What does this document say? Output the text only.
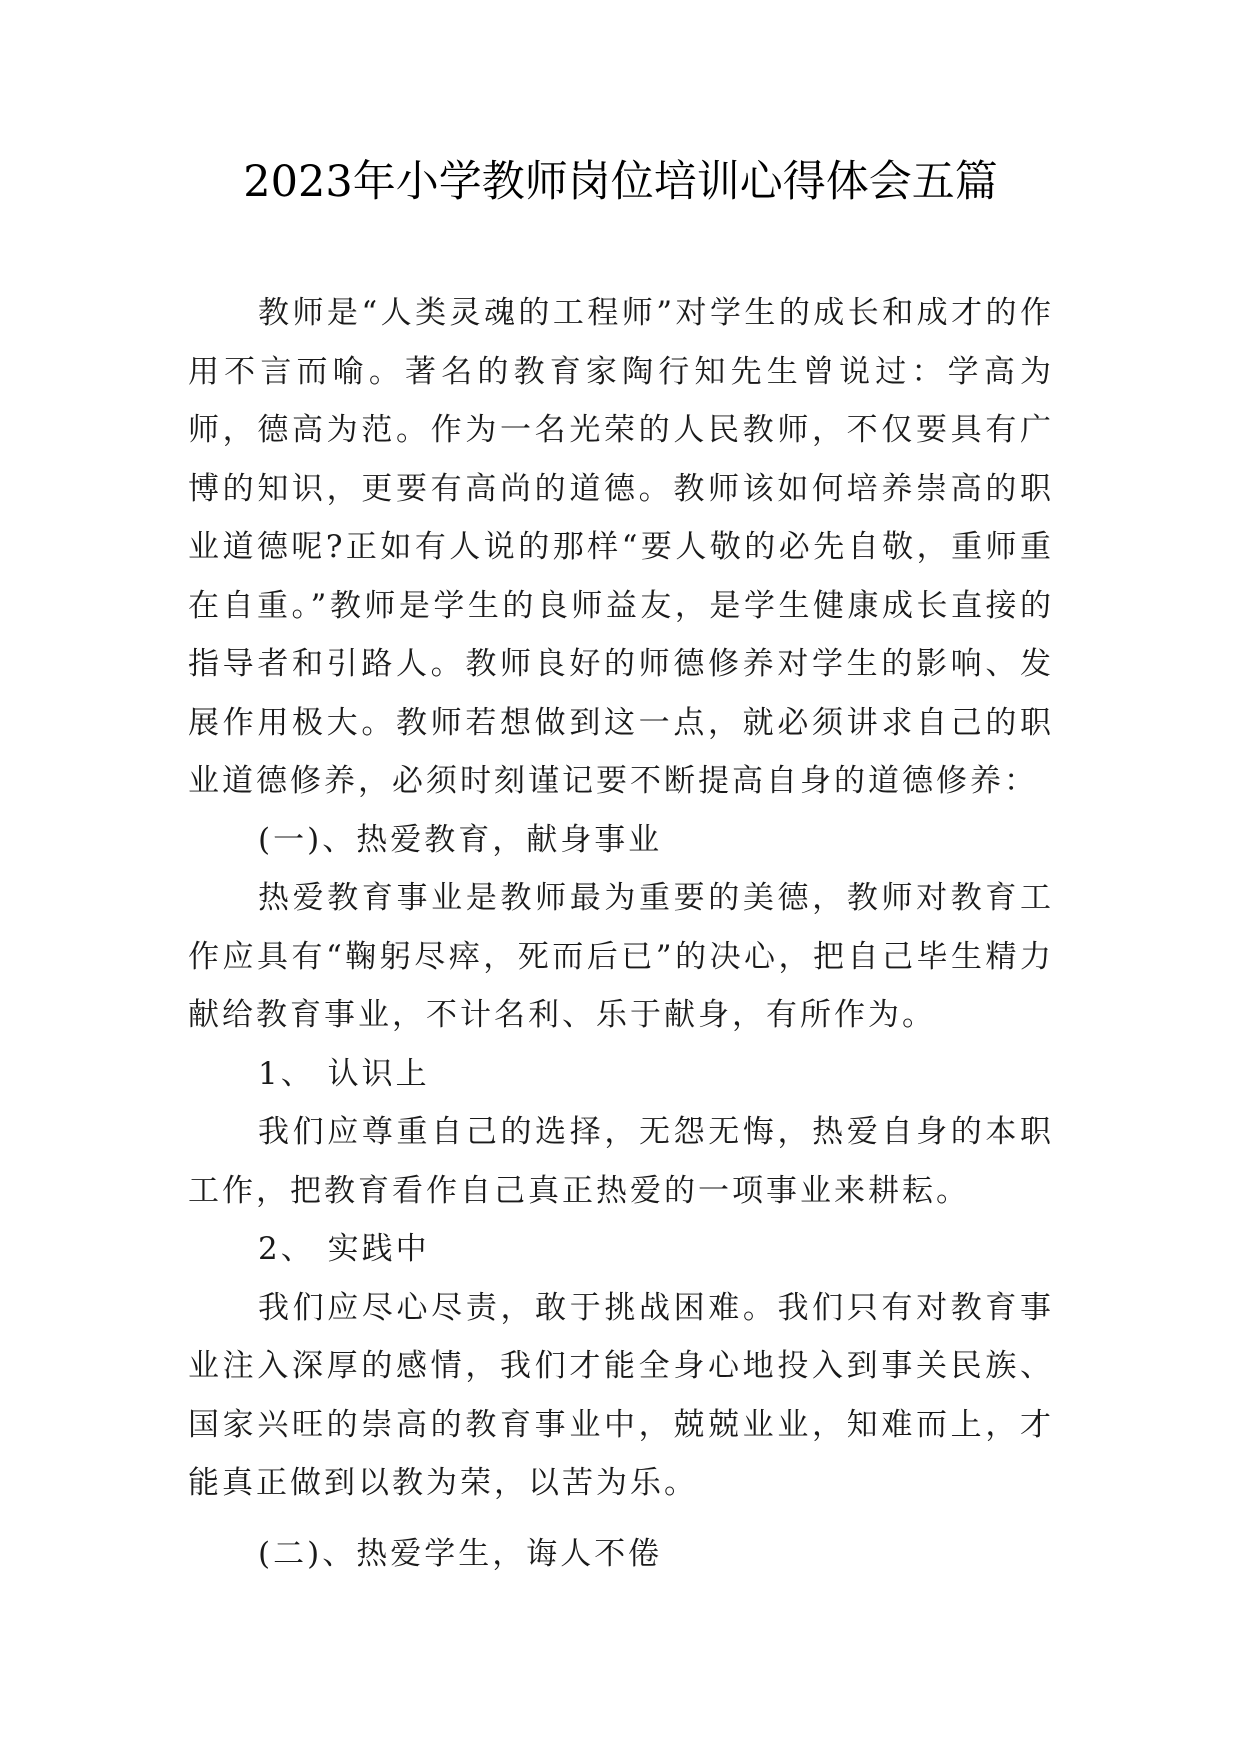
2023年小学教师岗位培训心得体会五篇

教师是“人类灵魂的工程师”对学生的成长和成才的作用不言而喻。著名的教育家陶行知先生曾说过：学高为师，德高为范。作为一名光荣的人民教师，不仅要具有广博的知识，更要有高尚的道德。教师该如何培养崇高的职业道德呢?正如有人说的那样“要人敬的必先自敬，重师重在自重。”教师是学生的良师益友，是学生健康成长直接的指导者和引路人。教师良好的师德修养对学生的影响、发展作用极大。教师若想做到这一点，就必须讲求自己的职业道德修养，必须时刻谨记要不断提高自身的道德修养：

(一)、热爱教育，献身事业

热爱教育事业是教师最为重要的美德，教师对教育工作应具有“鞠躬尽瘁，死而后已”的决心，把自己毕生精力献给教育事业，不计名利、乐于献身，有所作为。

1、 认识上

我们应尊重自己的选择，无怨无悔，热爱自身的本职工作，把教育看作自己真正热爱的一项事业来耕耘。

2、 实践中

我们应尽心尽责，敢于挑战困难。我们只有对教育事业注入深厚的感情，我们才能全身心地投入到事关民族、国家兴旺的崇高的教育事业中，兢兢业业，知难而上，才能真正做到以教为荣，以苦为乐。

(二)、热爱学生，诲人不倦
